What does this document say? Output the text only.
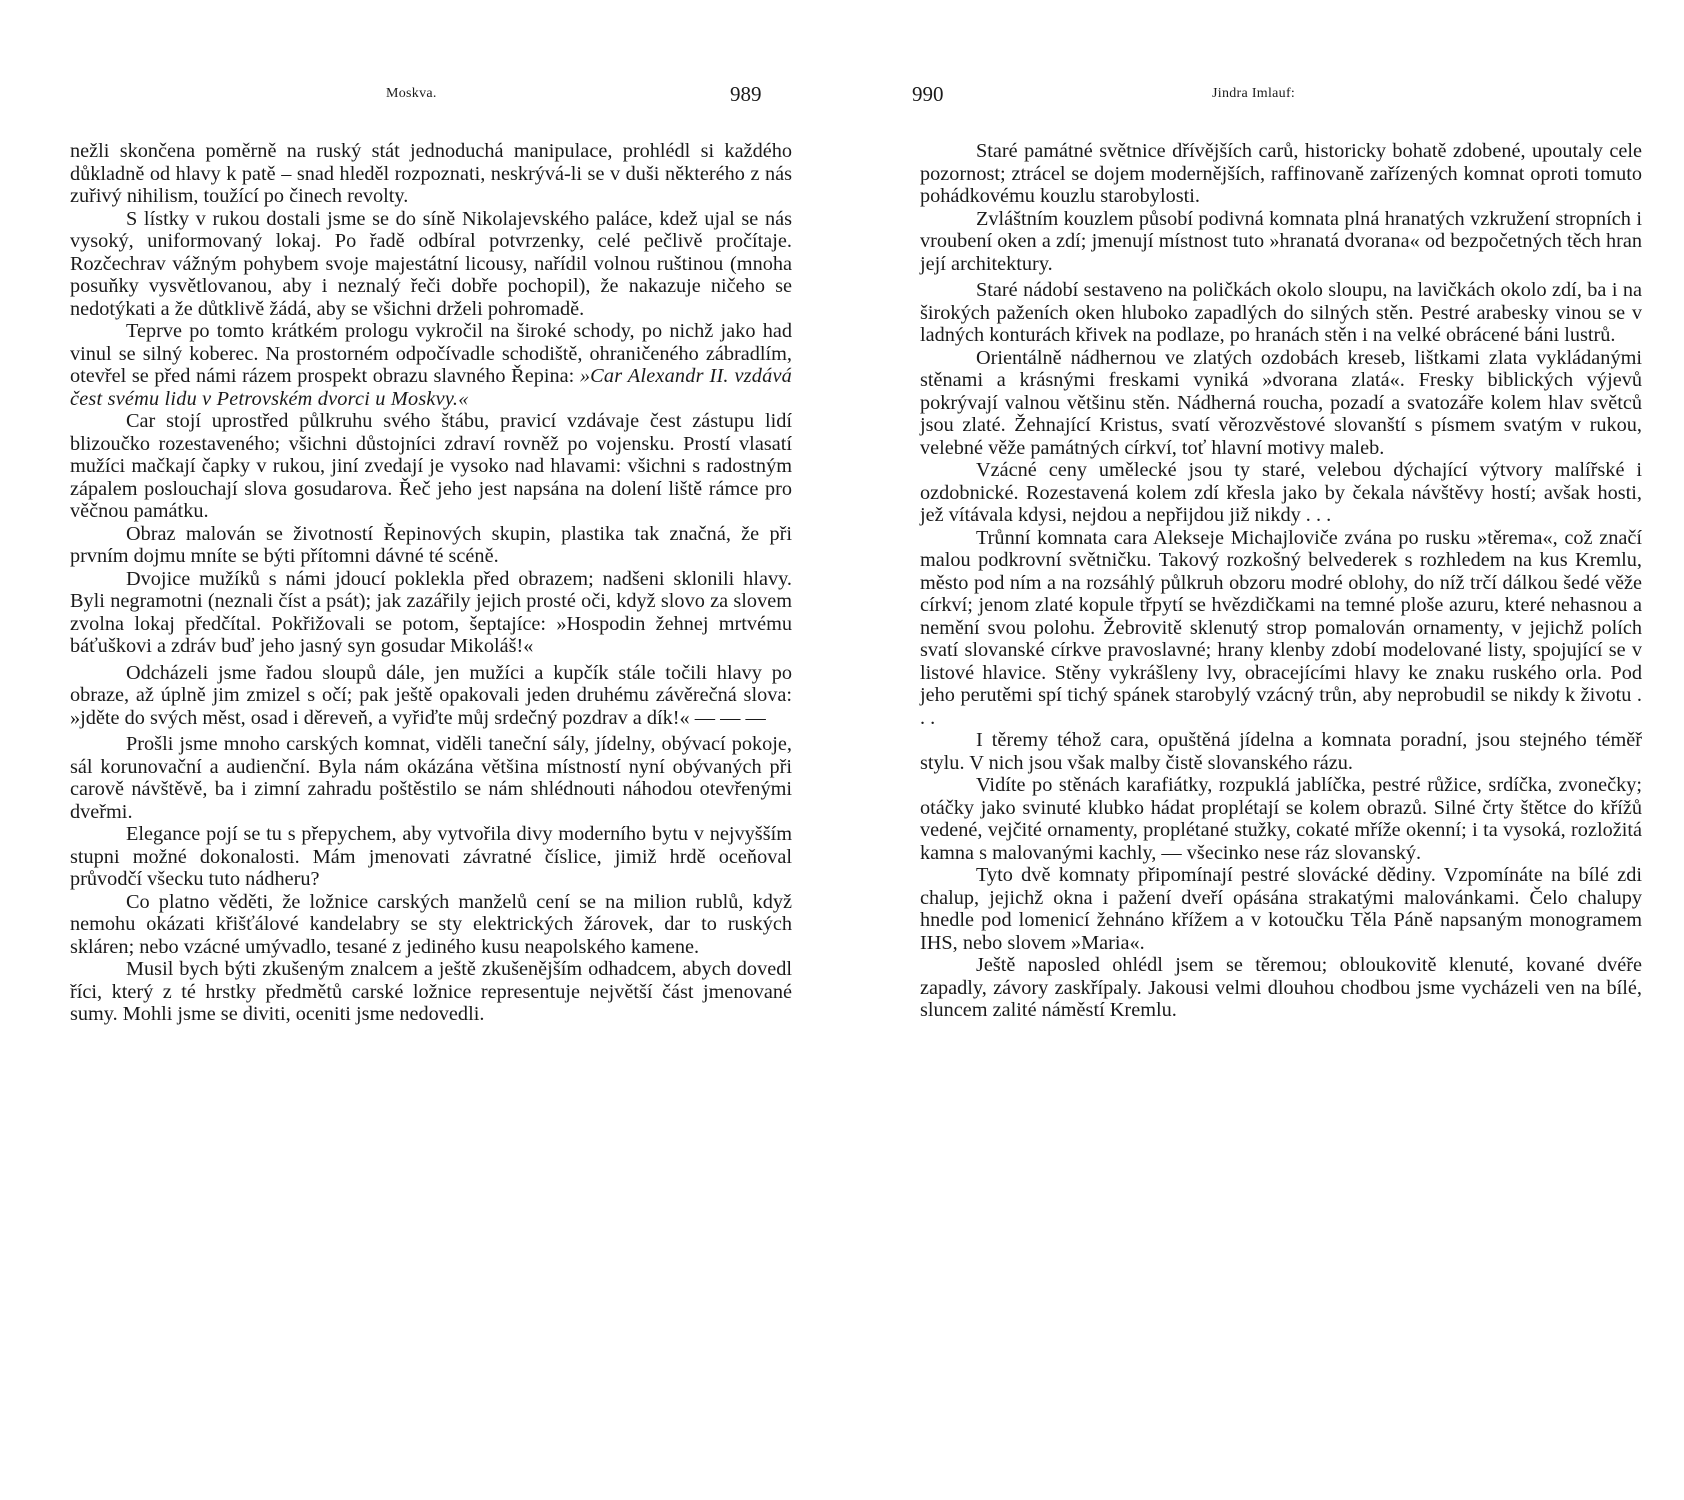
Moskva.	989

nežli skončena poměrně na ruský stát jednoduchá manipulace, prohlédl si každého důkladně od hlavy k patě – snad hleděl rozpoznati, neskrývá-li se v duši některého z nás zuřivý nihilism, toužící po činech revolty.

S lístky v rukou dostali jsme se do síně Nikolajevského paláce, kdež ujal se nás vysoký, uniformovaný lokaj. Po řadě odbíral potvrzenky, celé pečlivě pročítaje. Rozčechrav vážným pohybem svoje majestátní licousy, nařídil volnou ruštinou (mnoha posuňky vysvětlovanou, aby i neznalý řeči dobře pochopil), že nakazuje ničeho se nedotýkati a že důtklivě žádá, aby se všichni drželi pohromadě.

Teprve po tomto krátkém prologu vykročil na široké schody, po nichž jako had vinul se silný koberec. Na prostorném odpočívadle schodiště, ohraničeného zábradlím, otevřel se před námi rázem prospekt obrazu slavného Řepina: »Car Alexandr II. vzdává čest svému lidu v Petrovském dvorci u Moskvy.«

Car stojí uprostřed půlkruhu svého štábu, pravicí vzdávaje čest zástupu lidí blizoučko rozestaveného; všichni důstojníci zdraví rovněž po vojensku. Prostí vlasatí mužíci mačkají čapky v rukou, jiní zvedají je vysoko nad hlavami: všichni s radostným zápalem poslouchají slova gosudarova. Řeč jeho jest napsána na dolení liště rámce pro věčnou památku.

Obraz malován se životností Řepinových skupin, plastika tak značná, že při prvním dojmu mníte se býti přítomni dávné té scéně.

Dvojice mužíků s námi jdoucí poklekla před obrazem; nadšeni sklonili hlavy. Byli negramotni (neznali číst a psát); jak zazářily jejich prosté oči, když slovo za slovem zvolna lokaj předčítal. Pokřižovali se potom, šeptajíce: »Hospodin žehnej mrtvému báťuškovi a zdráv buď jeho jasný syn gosudar Mikoláš!«

Odcházeli jsme řadou sloupů dále, jen mužíci a kupčík stále točili hlavy po obraze, až úplně jim zmizel s očí; pak ještě opakovali jeden druhému závěrečná slova: »jděte do svých měst, osad i děreveň, a vyřiďte můj srdečný pozdrav a dík!« — — —

Prošli jsme mnoho carských komnat, viděli taneční sály, jídelny, obývací pokoje, sál korunovační a audienční. Byla nám okázána většina místností nyní obývaných při carově návštěvě, ba i zimní zahradu poštěstilo se nám shlédnouti náhodou otevřenými dveřmi.

Elegance pojí se tu s přepychem, aby vytvořila divy moderního bytu v nejvyšším stupni možné dokonalosti. Mám jmenovati závratné číslice, jimiž hrdě oceňoval průvodčí všecku tuto nádheru?

Co platno věděti, že ložnice carských manželů cení se na milion rublů, když nemohu okázati křišťálové kandelabry se sty elektrických žárovek, dar to ruských skláren; nebo vzácné umývadlo, tesané z jediného kusu neapolského kamene.

Musil bych býti zkušeným znalcem a ještě zkušenějším odhadcem, abych dovedl říci, který z té hrstky předmětů carské ložnice representuje největší část jmenované sumy. Mohli jsme se diviti, oceniti jsme nedovedli.

990	Jindra Imlauf:

Staré památné světnice dřívějších carů, historicky bohatě zdobené, upoutaly cele pozornost; ztrácel se dojem modernějších, raffinovaně zařízených komnat oproti tomuto pohádkovému kouzlu starobylosti.

Zvláštním kouzlem působí podivná komnata plná hranatých vzkružení stropních i vroubení oken a zdí; jmenují místnost tuto »hranatá dvorana« od bezpočetných těch hran její architektury.

Staré nádobí sestaveno na poličkách okolo sloupu, na lavičkách okolo zdí, ba i na širokých paženích oken hluboko zapadlých do silných stěn. Pestré arabesky vinou se v ladných konturách křivek na podlaze, po hranách stěn i na velké obrácené báni lustrů.

Orientálně nádhernou ve zlatých ozdobách kreseb, lištkami zlata vykládanými stěnami a krásnými freskami vyniká »dvorana zlatá«. Fresky biblických výjevů pokrývají valnou většinu stěn. Nádherná roucha, pozadí a svatozáře kolem hlav světců jsou zlaté. Žehnající Kristus, svatí věrozvěstové slovanští s písmem svatým v rukou, velebné věže památných církví, toť hlavní motivy maleb.

Vzácné ceny umělecké jsou ty staré, velebou dýchající výtvory malířské i ozdobnické. Rozestavená kolem zdí křesla jako by čekala návštěvy hostí; avšak hosti, jež vítávala kdysi, nejdou a nepřijdou již nikdy . . .

Trůnní komnata cara Alekseje Michajloviče zvána po rusku »těrema«, což značí malou podkrovní světničku. Takový rozkošný belvederek s rozhledem na kus Kremlu, město pod ním a na rozsáhlý půlkruh obzoru modré oblohy, do níž trčí dálkou šedé věže církví; jenom zlaté kopule třpytí se hvězdičkami na temné ploše azuru, které nehasnou a nemění svou polohu. Žebrovitě sklenutý strop pomalován ornamenty, v jejichž polích svatí slovanské církve pravoslavné; hrany klenby zdobí modelované listy, spojující se v listové hlavice. Stěny vykrášleny lvy, obracejícími hlavy ke znaku ruského orla. Pod jeho perutěmi spí tichý spánek starobylý vzácný trůn, aby neprobudil se nikdy k životu . . .

I těremy téhož cara, opuštěná jídelna a komnata poradní, jsou stejného téměř stylu. V nich jsou však malby čistě slovanského rázu.

Vidíte po stěnách karafiátky, rozpuklá jablíčka, pestré růžice, srdíčka, zvonečky; otáčky jako svinuté klubko hádat proplétají se kolem obrazů. Silné črty štětce do křížů vedené, vejčité ornamenty, proplétané stužky, cokaté mříže okenní; i ta vysoká, rozložitá kamna s malovanými kachly, — všecinko nese ráz slovanský.

Tyto dvě komnaty připomínají pestré slovácké dědiny. Vzpomínáte na bílé zdi chalup, jejichž okna i pažení dveří opásána strakatými malovánkami. Čelo chalupy hnedle pod lomenicí žehnáno křížem a v kotoučku Těla Páně napsaným monogramem IHS, nebo slovem »Maria«.

Ještě naposled ohlédl jsem se těremou; obloukovitě klenuté, kované dvéře zapadly, závory zaskřípaly. Jakousi velmi dlouhou chodbou jsme vycházeli ven na bílé, sluncem zalité náměstí Kremlu.
